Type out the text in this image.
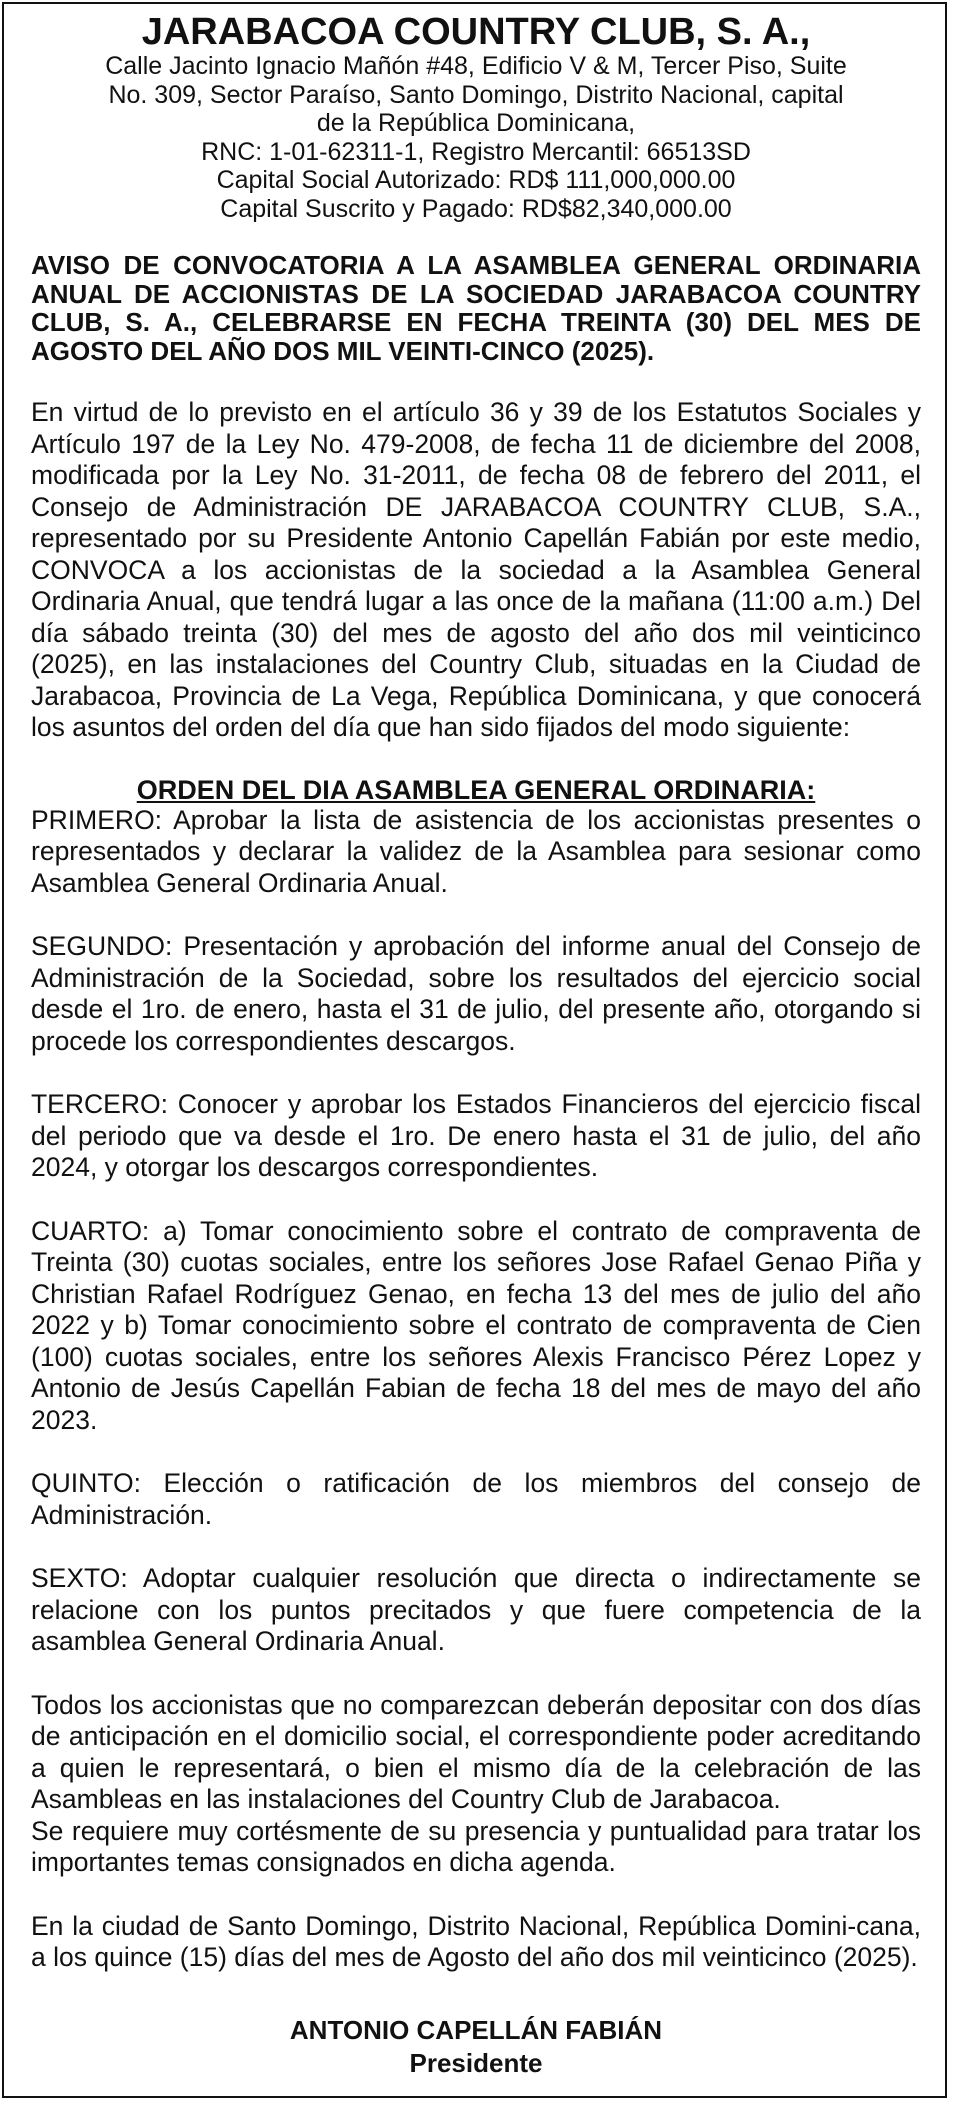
JARABACOA COUNTRY CLUB, S. A.,
Calle Jacinto Ignacio Mañón #48, Edificio V & M, Tercer Piso, Suite
No. 309, Sector Paraíso, Santo Domingo, Distrito Nacional, capital
de la República Dominicana,
RNC: 1-01-62311-1, Registro Mercantil: 66513SD
Capital Social Autorizado: RD$ 111,000,000.00
Capital Suscrito y Pagado: RD$82,340,000.00
AVISO DE CONVOCATORIA A LA ASAMBLEA GENERAL ORDINARIA ANUAL DE ACCIONISTAS DE LA SOCIEDAD JARABACOA COUNTRY CLUB, S. A., CELEBRARSE EN FECHA TREINTA (30) DEL MES DE AGOSTO DEL AÑO DOS MIL VEINTI-CINCO (2025).

En virtud de lo previsto en el artículo 36 y 39 de los Estatutos Sociales y Artículo 197 de la Ley No. 479-2008, de fecha 11 de diciembre del 2008, modificada por la Ley No. 31-2011, de fecha 08 de febrero del 2011, el Consejo de Administración DE JARABACOA COUNTRY CLUB, S.A., representado por su Presidente Antonio Capellán Fabián por este medio, CONVOCA a los accionistas de la sociedad a la Asamblea General Ordinaria Anual, que tendrá lugar a las once de la mañana (11:00 a.m.) Del día sábado treinta (30) del mes de agosto del año dos mil veinticinco (2025), en las instalaciones del Country Club, situadas en la Ciudad de Jarabacoa, Provincia de La Vega, República Dominicana, y que conocerá los asuntos del orden del día que han sido fijados del modo siguiente:

ORDEN DEL DIA ASAMBLEA GENERAL ORDINARIA:

PRIMERO: Aprobar la lista de asistencia de los accionistas presentes o representados y declarar la validez de la Asamblea para sesionar como Asamblea General Ordinaria Anual.

SEGUNDO: Presentación y aprobación del informe anual del Consejo de Administración de la Sociedad, sobre los resultados del ejercicio social desde el 1ro. de enero, hasta el 31 de julio, del presente año, otorgando si procede los correspondientes descargos.

TERCERO: Conocer y aprobar los Estados Financieros del ejercicio fiscal del periodo que va desde el 1ro. De enero hasta el 31 de julio, del año 2024, y otorgar los descargos correspondientes.

CUARTO: a) Tomar conocimiento sobre el contrato de compraventa de Treinta (30) cuotas sociales, entre los señores Jose Rafael Genao Piña y Christian Rafael Rodríguez Genao, en fecha 13 del mes de julio del año 2022 y b) Tomar conocimiento sobre el contrato de compraventa de Cien (100) cuotas sociales, entre los señores Alexis Francisco Pérez Lopez y Antonio de Jesús Capellán Fabian de fecha 18 del mes de mayo del año 2023.

QUINTO: Elección o ratificación de los miembros del consejo de Administración.

SEXTO: Adoptar cualquier resolución que directa o indirectamente se relacione con los puntos precitados y que fuere competencia de la asamblea General Ordinaria Anual.

Todos los accionistas que no comparezcan deberán depositar con dos días de anticipación en el domicilio social, el correspondiente poder acreditando a quien le representará, o bien el mismo día de la celebración de las Asambleas en las instalaciones del Country Club de Jarabacoa.

Se requiere muy cortésmente de su presencia y puntualidad para tratar los importantes temas consignados en dicha agenda.

En la ciudad de Santo Domingo, Distrito Nacional, República Domini-cana, a los quince (15) días del mes de Agosto del año dos mil veinticinco (2025).

ANTONIO CAPELLÁN FABIÁN
Presidente
